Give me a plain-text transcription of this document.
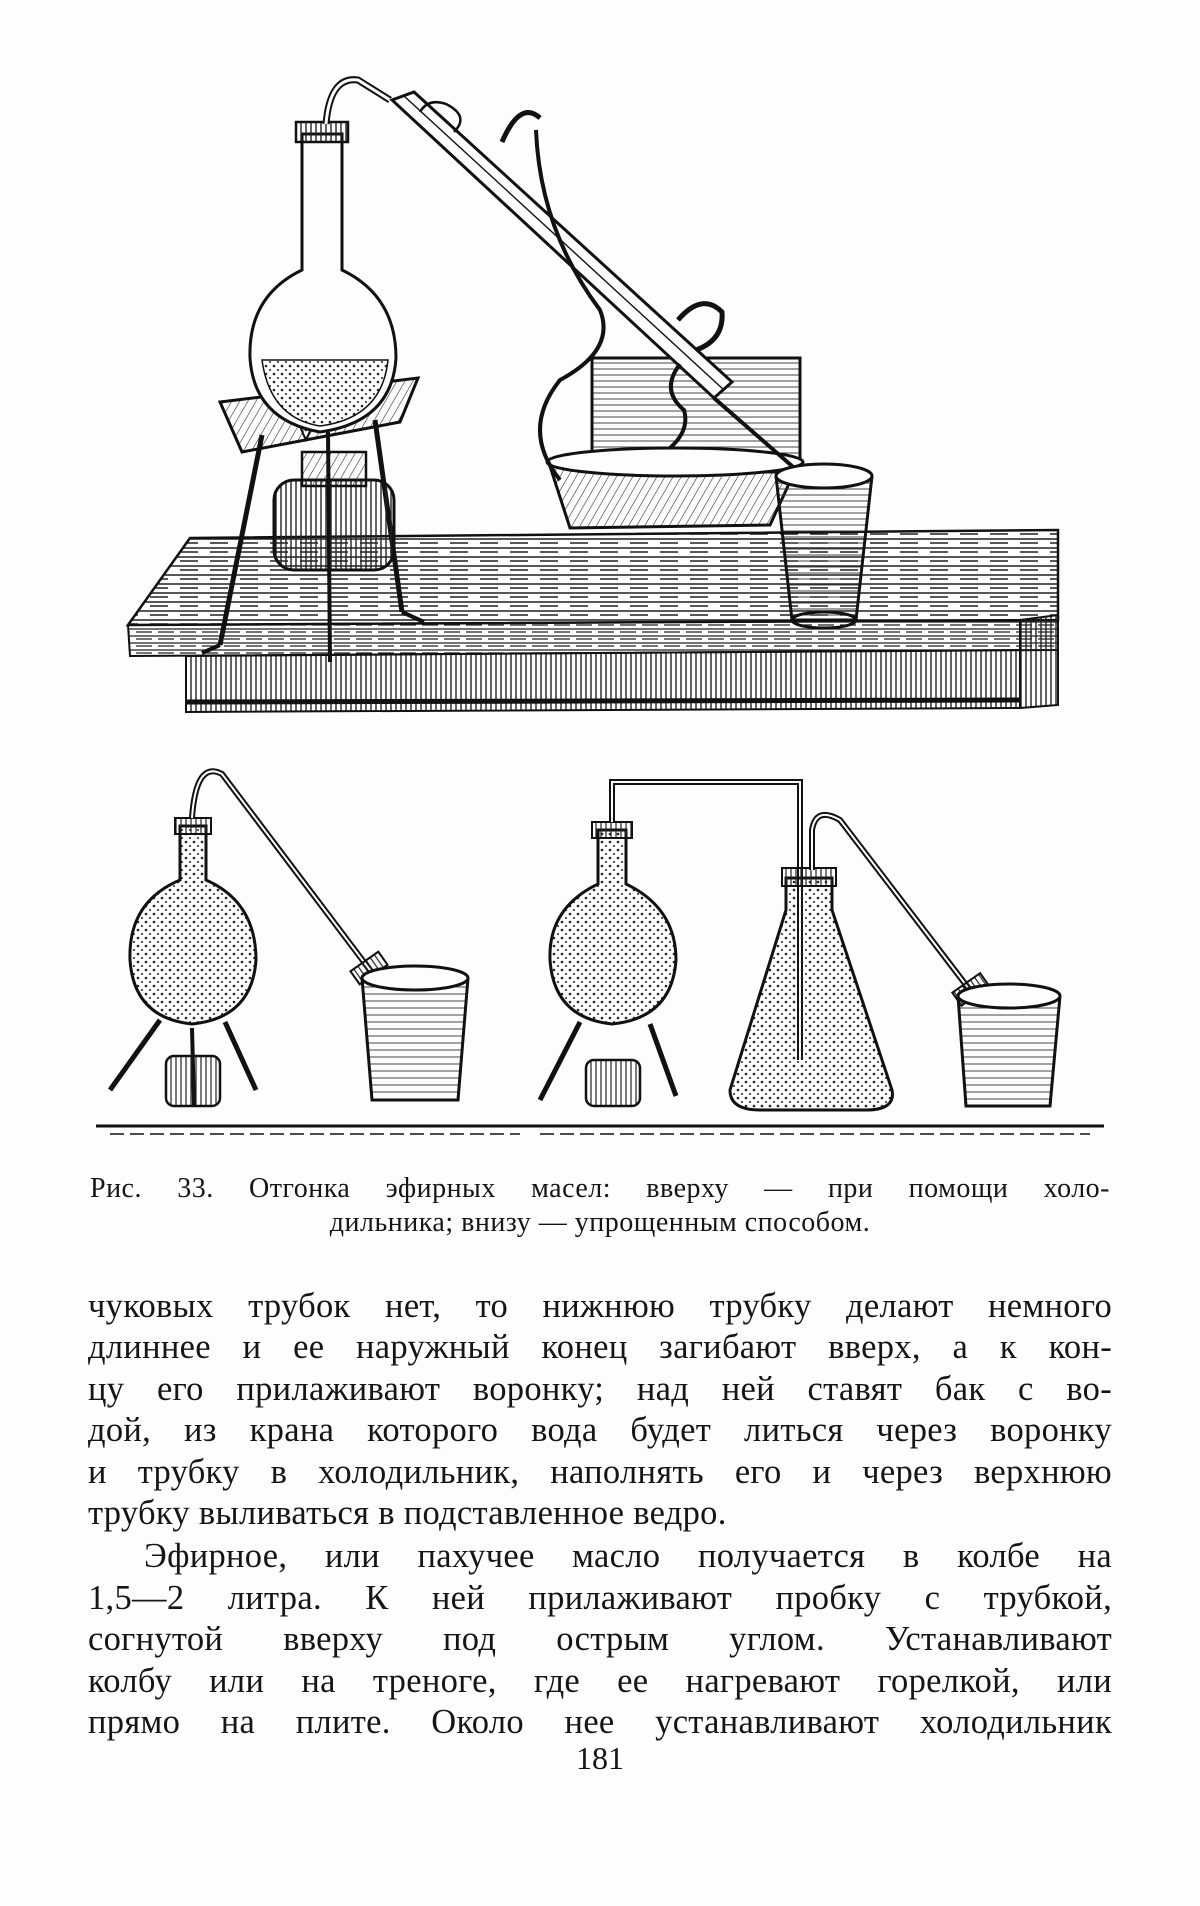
Рис. 33. Отгонка эфирных масел: вверху — при помощи холо-
дильника; внизу — упрощенным способом.
чуковых трубок нет, то нижнюю трубку делают немного
длиннее и ее наружный конец загибают вверх, а к кон-
цу его прилаживают воронку; над ней ставят бак с во-
дой, из крана которого вода будет литься через воронку
и трубку в холодильник, наполнять его и через верхнюю
трубку выливаться в подставленное ведро.
Эфирное, или пахучее масло получается в колбе на
1,5—2 литра. К ней прилаживают пробку с трубкой,
согнутой вверху под острым углом. Устанавливают
колбу или на треноге, где ее нагревают горелкой, или
прямо на плите. Около нее устанавливают холодильник
181
